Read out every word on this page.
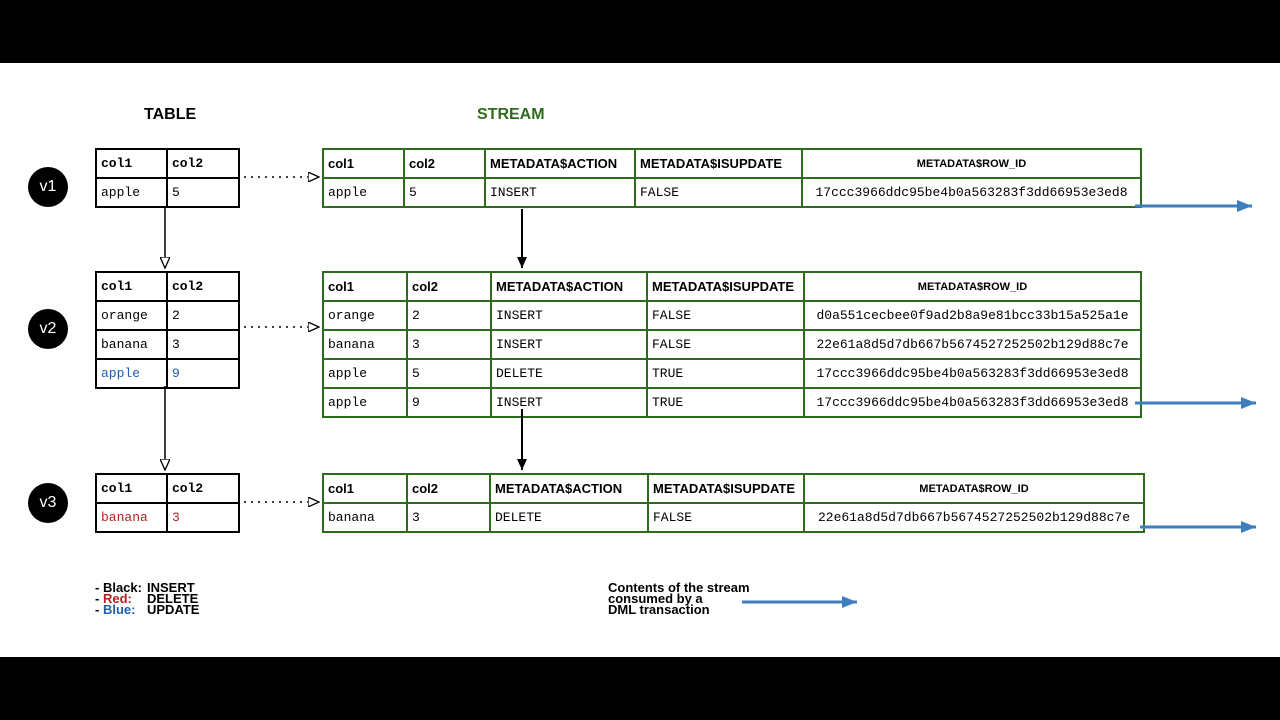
TABLE	STREAM
v1
v2
v3
col1	col2
apple	5
col1	col2
orange	2
banana	3
apple	9
col1	col2
banana	3
col1	col2	METADATA$ACTION	METADATA$ISUPDATE	METADATA$ROW_ID
apple	5	INSERT	FALSE	17ccc3966ddc95be4b0a563283f3dd66953e3ed8
col1	col2	METADATA$ACTION	METADATA$ISUPDATE	METADATA$ROW_ID
orange	2	INSERT	FALSE	d0a551cecbee0f9ad2b8a9e81bcc33b15a525a1e
banana	3	INSERT	FALSE	22e61a8d5d7db667b5674527252502b129d88c7e
apple	5	DELETE	TRUE	17ccc3966ddc95be4b0a563283f3dd66953e3ed8
apple	9	INSERT	TRUE	17ccc3966ddc95be4b0a563283f3dd66953e3ed8
col1	col2	METADATA$ACTION	METADATA$ISUPDATE	METADATA$ROW_ID
banana	3	DELETE	FALSE	22e61a8d5d7db667b5674527252502b129d88c7e
- Black: INSERT
- Red: DELETE
- Blue: UPDATE
Contents of the stream
consumed by a
DML transaction
